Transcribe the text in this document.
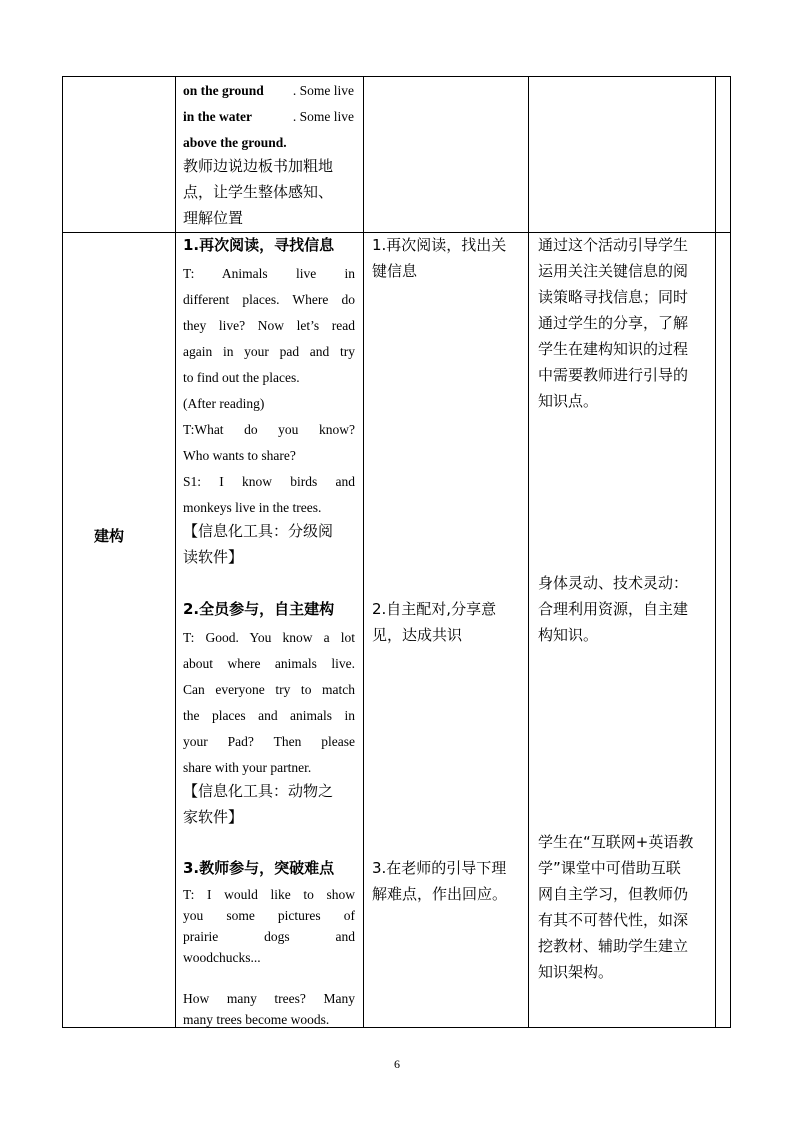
on the ground . Some live
in the water	. Some live
above the ground.
教师边说边板书加粗地
点，让学生整体感知、
理解位置
建构
1.再次阅读，寻找信息
T: Animals live in
different places. Where do
they live? Now let’s read
again in your pad and try
to find out the places.
(After reading)
T:What do you know?
Who wants to share?
S1: I know birds and
monkeys live in the trees.
【信息化工具：分级阅
读软件】
1.再次阅读，找出关
键信息
通过这个活动引导学生
运用关注关键信息的阅
读策略寻找信息；同时
通过学生的分享，了解
学生在建构知识的过程
中需要教师进行引导的
知识点。
2.全员参与，自主建构
T: Good. You know a lot
about where animals live.
Can everyone try to match
the places and animals in
your Pad? Then please
share with your partner.
【信息化工具：动物之
家软件】
2.自主配对,分享意
见，达成共识
身体灵动、技术灵动：
合理利用资源，自主建
构知识。
3.教师参与，突破难点
T: I would like to show
you some pictures of
prairie dogs and
woodchucks...
How many trees? Many
many trees become woods.
3.在老师的引导下理
解难点，作出回应。
学生在“互联网+英语教
学”课堂中可借助互联
网自主学习，但教师仍
有其不可替代性，如深
挖教材、辅助学生建立
知识架构。
6
